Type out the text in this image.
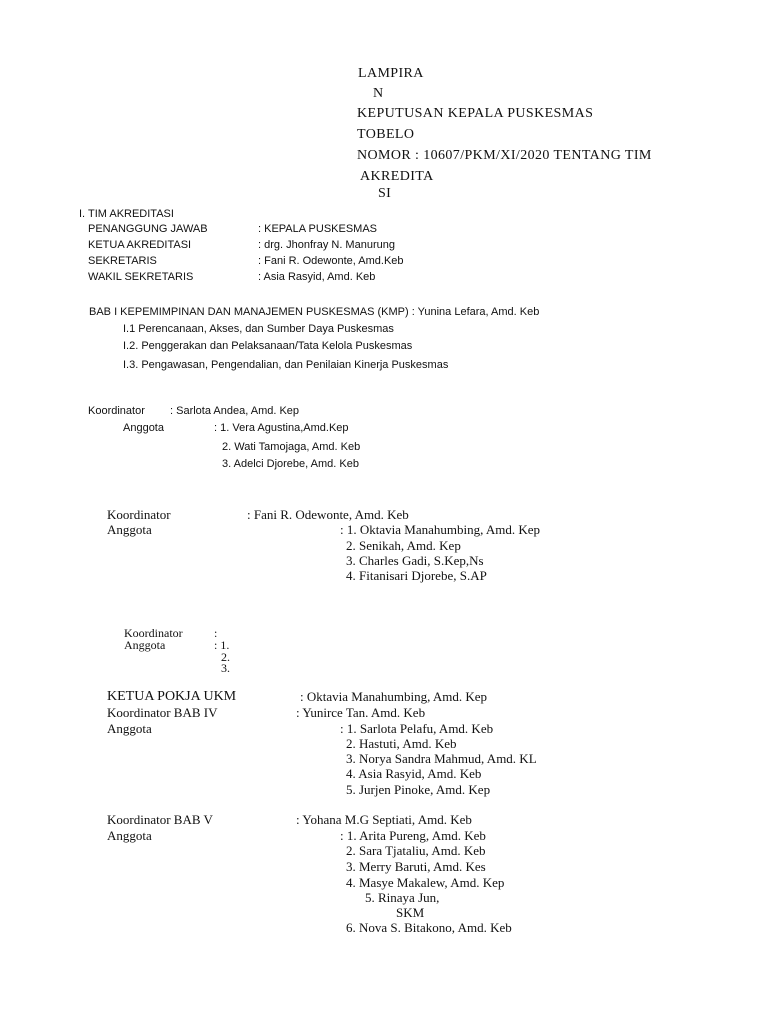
LAMPIRA
N
KEPUTUSAN KEPALA PUSKESMAS
TOBELO
NOMOR : 10607/PKM/XI/2020 TENTANG TIM
AKREDITA
SI
I. TIM AKREDITASI
PENANGGUNG JAWAB	: KEPALA PUSKESMAS
KETUA AKREDITASI	: drg. Jhonfray N. Manurung
SEKRETARIS	: Fani R. Odewonte, Amd.Keb
WAKIL SEKRETARIS	: Asia Rasyid, Amd. Keb
BAB I KEPEMIMPINAN DAN MANAJEMEN PUSKESMAS (KMP) : Yunina Lefara, Amd. Keb
I.1 Perencanaan, Akses, dan Sumber Daya Puskesmas
I.2. Penggerakan dan Pelaksanaan/Tata Kelola Puskesmas
I.3. Pengawasan, Pengendalian, dan Penilaian Kinerja Puskesmas
Koordinator : Sarlota Andea, Amd. Kep
Anggota	: 1. Vera Agustina,Amd.Kep
2. Wati Tamojaga, Amd. Keb
3. Adelci Djorebe, Amd. Keb
Koordinator	: Fani R. Odewonte, Amd. Keb
Anggota	: 1. Oktavia Manahumbing, Amd. Kep
2. Senikah, Amd. Kep
3. Charles Gadi, S.Kep,Ns
4. Fitanisari Djorebe, S.AP
Koordinator	:
Anggota	: 1.
2.
3.
KETUA POKJA UKM	: Oktavia Manahumbing, Amd. Kep
Koordinator BAB IV	: Yunirce Tan. Amd. Keb
Anggota	: 1. Sarlota Pelafu, Amd. Keb
2. Hastuti, Amd. Keb
3. Norya Sandra Mahmud, Amd. KL
4. Asia Rasyid, Amd. Keb
5. Jurjen Pinoke, Amd. Kep
Koordinator BAB V	: Yohana M.G Septiati, Amd. Keb
Anggota	: 1. Arita Pureng, Amd. Keb
2. Sara Tjataliu, Amd. Keb
3. Merry Baruti, Amd. Kes
4. Masye Makalew, Amd. Kep
5. Rinaya Jun,
SKM
6. Nova S. Bitakono, Amd. Keb
